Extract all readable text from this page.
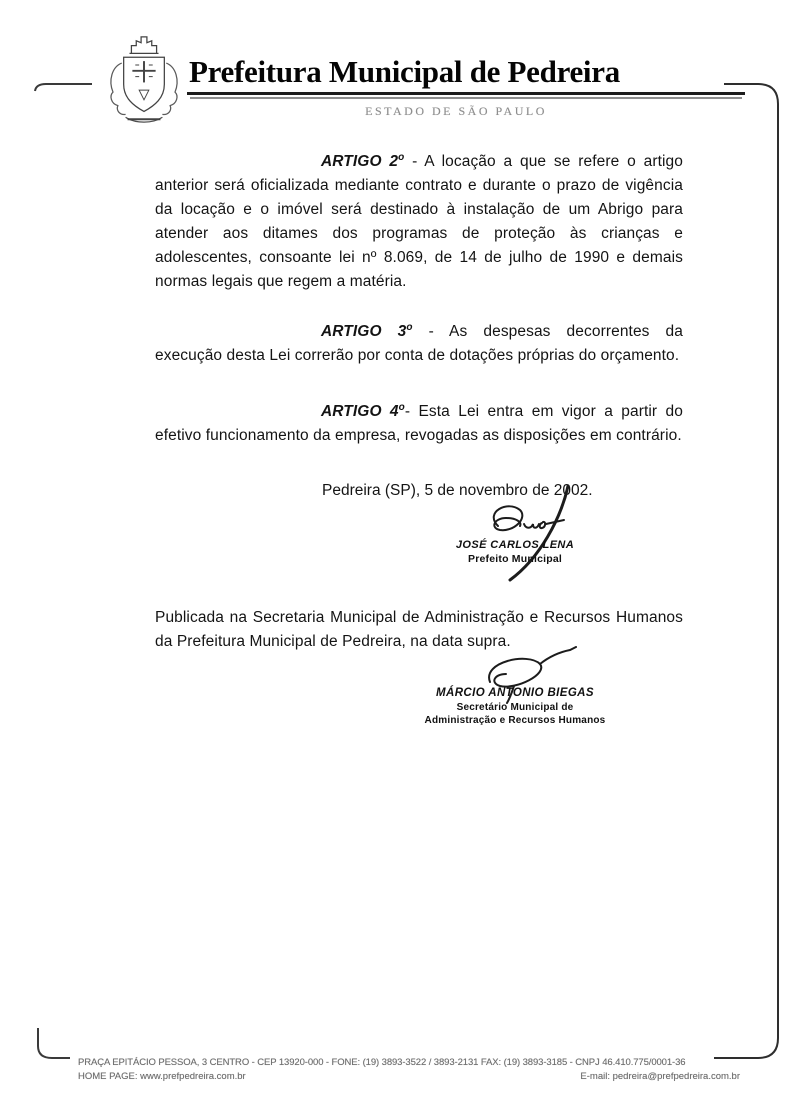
Prefeitura Municipal de Pedreira
ESTADO DE SÃO PAULO

ARTIGO 2$^o$ - A locação a que se refere o artigo anterior será oficializada mediante contrato e durante o prazo de vigência da locação e o imóvel será destinado à instalação de um Abrigo para atender aos ditames dos programas de proteção às crianças e adolescentes, consoante lei nº 8.069, de 14 de julho de 1990 e demais normas legais que regem a matéria.

ARTIGO 3$^o$ - As despesas decorrentes da execução desta Lei correrão por conta de dotações próprias do orçamento.

ARTIGO 4$^o$- Esta Lei entra em vigor a partir do efetivo funcionamento da empresa, revogadas as disposições em contrário.

Pedreira (SP), 5 de novembro de 2002.
JOSÉ CARLOS LENA
Prefeito Municipal

Publicada na Secretaria Municipal de Administração e Recursos Humanos da Prefeitura Municipal de Pedreira, na data supra.

MÁRCIO ANTONIO BIEGAS
Secretário Municipal de
Administração e Recursos Humanos
PRAÇA EPITÁCIO PESSOA, 3 CENTRO - CEP 13920-000 - FONE: (19) 3893-3522 / 3893-2131 FAX: (19) 3893-3185 - CNPJ 46.410.775/0001-36
HOME PAGE: www.prefpedreira.com.br	E-mail: pedreira@prefpedreira.com.br
